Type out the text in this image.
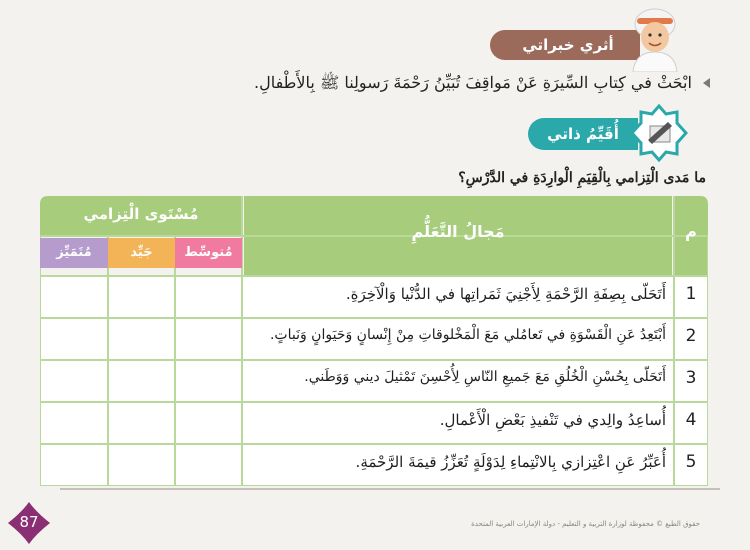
أثري خبراتي
ابْحَثْ في كِتابِ السِّيرَةِ عَنْ مَواقِفَ تُبَيِّنُ رَحْمَةَ رَسولِنا ﷺ بِالأَطْفالِ.
أُقَيِّمُ ذاتي
ما مَدى الْتِزامي بِالْقِيَمِ الْوارِدَةِ في الدَّرْسِ؟
م
مَجالُ التَّعَلُّمِ
مُسْتَوى الْتِزامي
مُتوسِّط
جَيِّد
مُتَمَيِّز
1
أَتَحَلّى بِصِفَةِ الرَّحْمَةِ لِأَجْنِيَ ثَمَراتِها في الدُّنْيا وَالْآخِرَةِ.
2
أَبْتَعِدُ عَنِ الْقَسْوَةِ في تَعامُلي مَعَ الْمَخْلوقاتِ مِنْ إِنْسانٍ وَحَيَوانٍ وَنَباتٍ.
3
أَتَحَلّى بِحُسْنِ الْخُلُقِ مَعَ جَميعِ النّاسِ لِأُحْسِنَ تَمْثيلَ ديني وَوَطَني.
4
أُساعِدُ والِدي في تَنْفيذِ بَعْضِ الْأَعْمالِ.
5
أُعَبِّرُ عَنِ اعْتِزازي بِالانْتِماءِ لِدَوْلَةٍ تُعَزِّزُ قيمَةَ الرَّحْمَةِ.
حقوق الطبع © محفوظة لوزارة التربية و التعليم - دولة الإمارات العربية المتحدة
87
